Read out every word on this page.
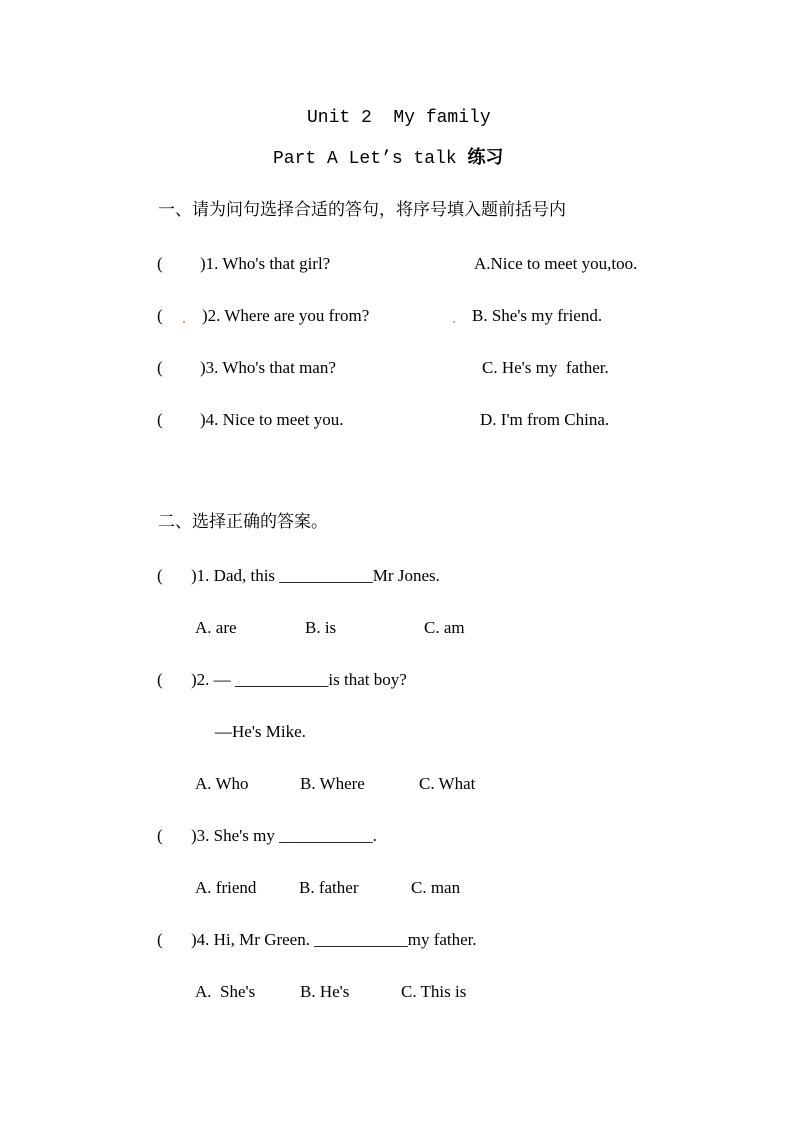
Unit 2  My family
Part A Let’s talk 练习
一、请为问句选择合适的答句，将序号填入题前括号内
( )1. Who's that girl?	A.Nice to meet you,too.
( )2. Where are you from?	B. She's my friend.
( )3. Who's that man?	C. He's my  father.
( )4. Nice to meet you.	D. I'm from China.
二、选择正确的答案。
( )1. Dad, this ___________Mr Jones.
A. are	B. is	C. am
( )2. — ___________is that boy?
—He's Mike.
A. Who	B. Where	C. What
( )3. She's my ___________.
A. friend	B. father	C. man
( )4. Hi, Mr Green. ___________my father.
A.  She's	B. He's	C. This is
